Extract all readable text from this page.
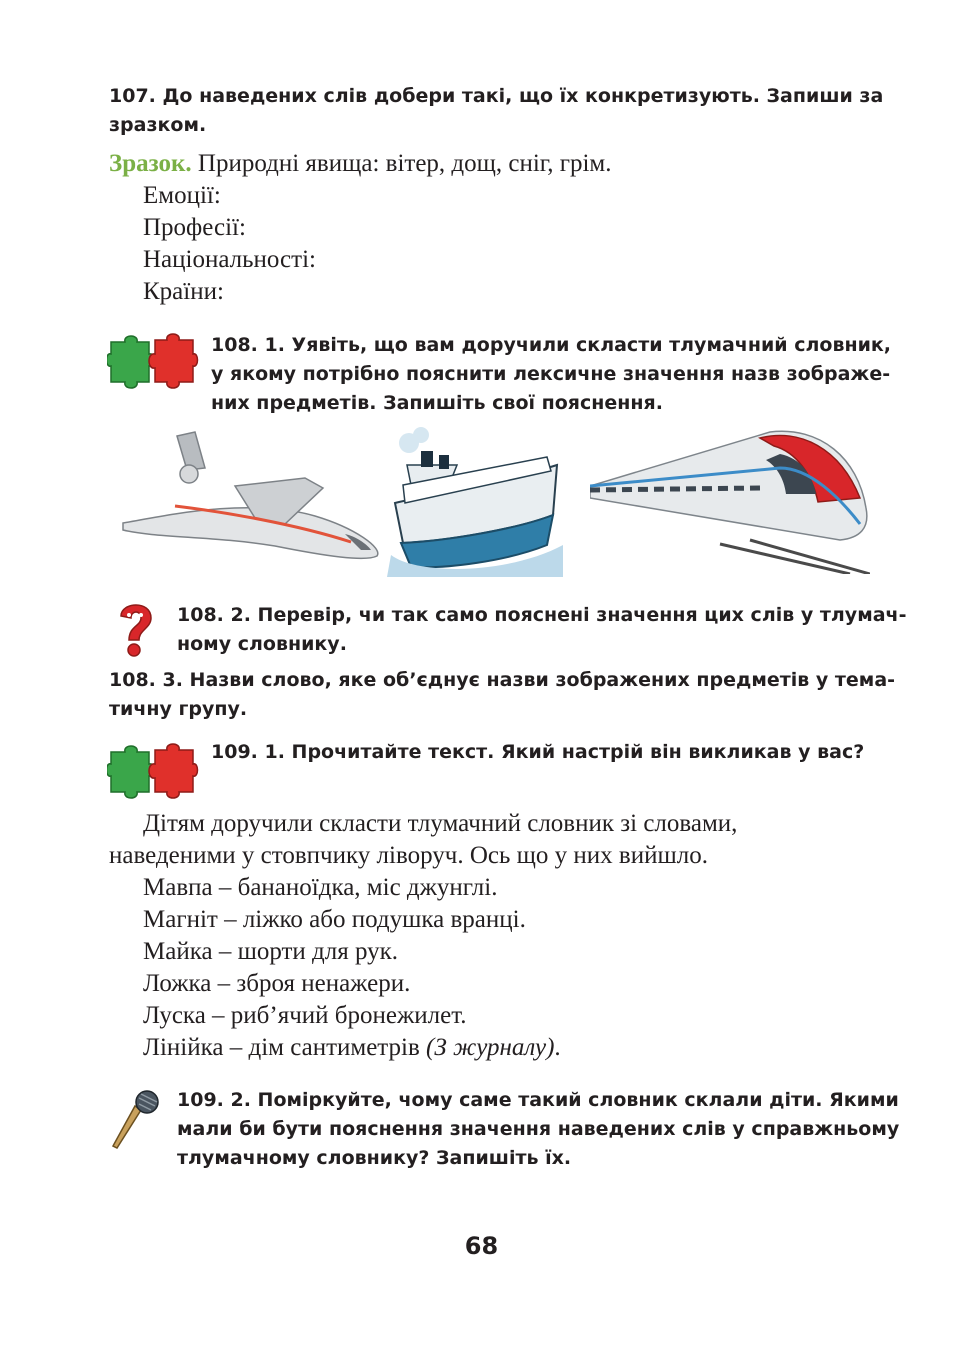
107. До наведених слів добери такі, що їх конкретизують. Запиши за
зразком.
Зразок. Природні явища: вітер, дощ, сніг, грім.
Емоції:
Професії:
Національності:
Країни:
108. 1. Уявіть, що вам доручили скласти тлумачний словник,
у якому потрібно пояснити лексичне значення назв зображе-
них предметів. Запишіть свої пояснення.
108. 2. Перевір, чи так само пояснені значення цих слів у тлумач-
ному словнику.
108. 3. Назви слово, яке об’єднує назви зображених предметів у тема-
тичну групу.
109. 1. Прочитайте текст. Який настрій він викликав у вас?
Дітям доручили скласти тлумачний словник зі словами,
наведеними у стовпчику ліворуч. Ось що у них вийшло.
Мавпа – бананоїдка, міс джунглі.
Магніт – ліжко або подушка вранці.
Майка – шорти для рук.
Ложка – зброя ненажери.
Луска – риб’ячий бронежилет.
Лінійка – дім сантиметрів (З журналу).
109. 2. Поміркуйте, чому саме такий словник склали діти. Якими
мали би бути пояснення значення наведених слів у справжньому
тлумачному словнику? Запишіть їх.
68
